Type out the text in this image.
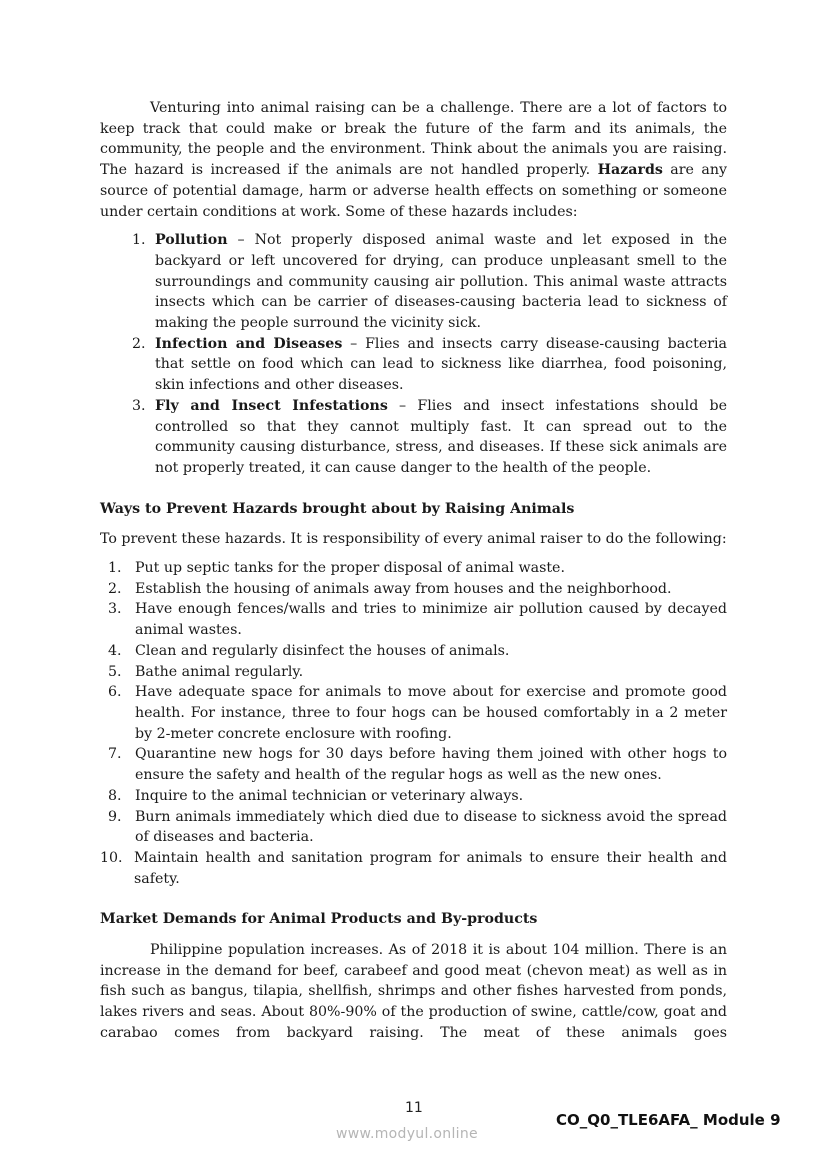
Venturing into animal raising can be a challenge. There are a lot of factors to keep track that could make or break the future of the farm and its animals, the community, the people and the environment. Think about the animals you are raising. The hazard is increased if the animals are not handled properly. Hazards are any source of potential damage, harm or adverse health effects on something or someone under certain conditions at work. Some of these hazards includes:

1. Pollution – Not properly disposed animal waste and let exposed in the backyard or left uncovered for drying, can produce unpleasant smell to the surroundings and community causing air pollution. This animal waste attracts insects which can be carrier of diseases-causing bacteria lead to sickness of making the people surround the vicinity sick.
2. Infection and Diseases – Flies and insects carry disease-causing bacteria that settle on food which can lead to sickness like diarrhea, food poisoning, skin infections and other diseases.
3. Fly and Insect Infestations – Flies and insect infestations should be controlled so that they cannot multiply fast. It can spread out to the community causing disturbance, stress, and diseases. If these sick animals are not properly treated, it can cause danger to the health of the people.
Ways to Prevent Hazards brought about by Raising Animals

To prevent these hazards. It is responsibility of every animal raiser to do the following:

1. Put up septic tanks for the proper disposal of animal waste.
2. Establish the housing of animals away from houses and the neighborhood.
3. Have enough fences/walls and tries to minimize air pollution caused by decayed animal wastes.
4. Clean and regularly disinfect the houses of animals.
5. Bathe animal regularly.
6. Have adequate space for animals to move about for exercise and promote good health. For instance, three to four hogs can be housed comfortably in a 2 meter by 2-meter concrete enclosure with roofing.
7. Quarantine new hogs for 30 days before having them joined with other hogs to ensure the safety and health of the regular hogs as well as the new ones.
8. Inquire to the animal technician or veterinary always.
9. Burn animals immediately which died due to disease to sickness avoid the spread of diseases and bacteria.
10. Maintain health and sanitation program for animals to ensure their health and safety.
Market Demands for Animal Products and By-products

Philippine population increases. As of 2018 it is about 104 million. There is an increase in the demand for beef, carabeef and good meat (chevon meat) as well as in fish such as bangus, tilapia, shellfish, shrimps and other fishes harvested from ponds, lakes rivers and seas. About 80%-90% of the production of swine, cattle/cow, goat and carabao comes from backyard raising. The meat of these animals goes

11
www.modyul.online
CO_Q0_TLE6AFA_ Module 9
